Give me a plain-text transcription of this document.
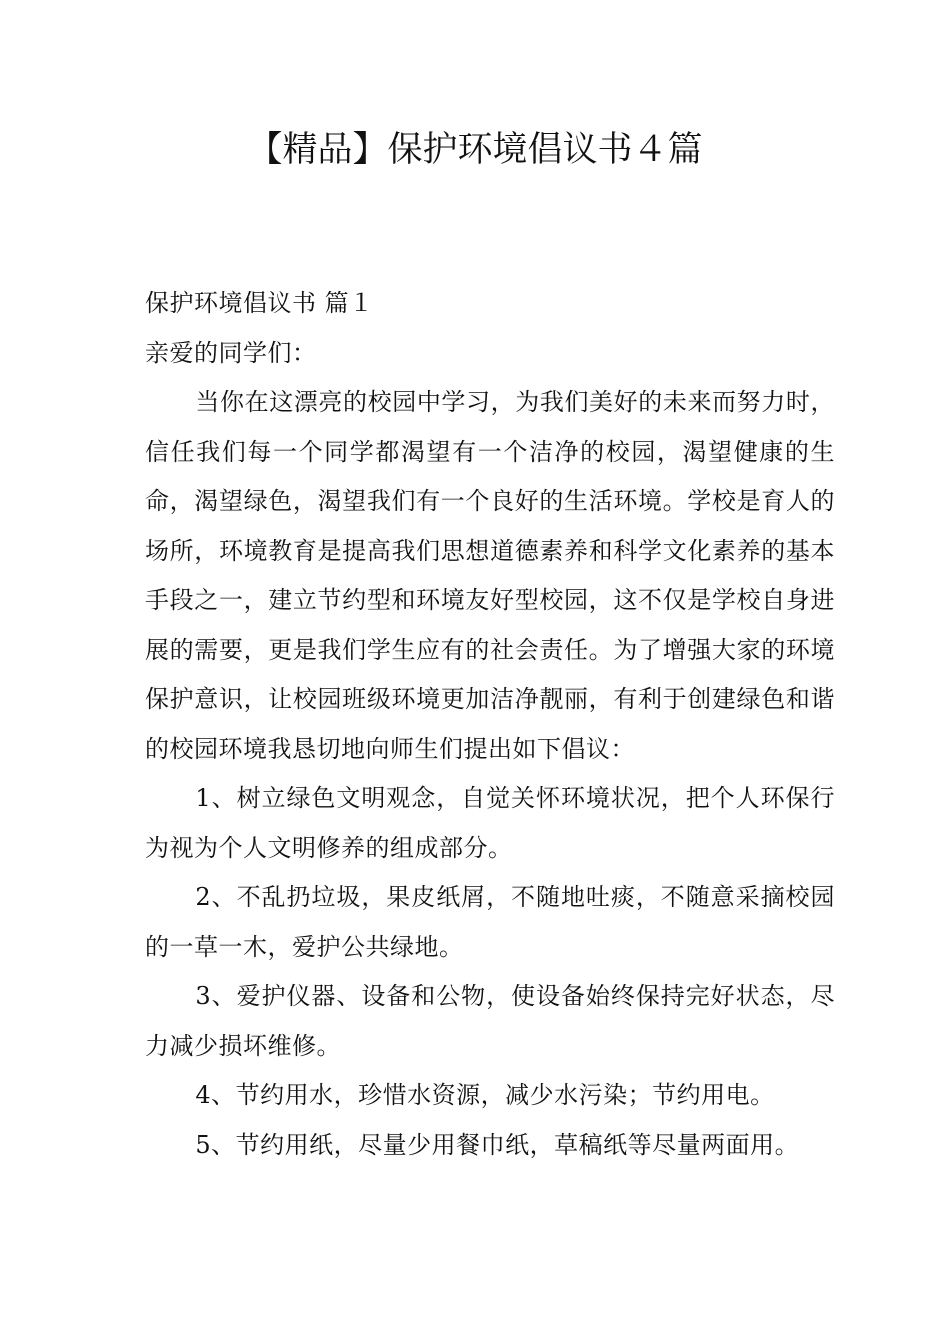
【精品】保护环境倡议书４篇

保护环境倡议书 篇１

亲爱的同学们：

当你在这漂亮的校园中学习，为我们美好的未来而努力时，信任我们每一个同学都渴望有一个洁净的校园，渴望健康的生命，渴望绿色，渴望我们有一个良好的生活环境。学校是育人的场所，环境教育是提高我们思想道德素养和科学文化素养的基本手段之一，建立节约型和环境友好型校园，这不仅是学校自身进展的需要，更是我们学生应有的社会责任。为了增强大家的环境保护意识，让校园班级环境更加洁净靓丽，有利于创建绿色和谐的校园环境我恳切地向师生们提出如下倡议：

1、树立绿色文明观念，自觉关怀环境状况，把个人环保行为视为个人文明修养的组成部分。

2、不乱扔垃圾，果皮纸屑，不随地吐痰，不随意采摘校园的一草一木，爱护公共绿地。

3、爱护仪器、设备和公物，使设备始终保持完好状态，尽力减少损坏维修。

4、节约用水，珍惜水资源，减少水污染；节约用电。

5、节约用纸，尽量少用餐巾纸，草稿纸等尽量两面用。
